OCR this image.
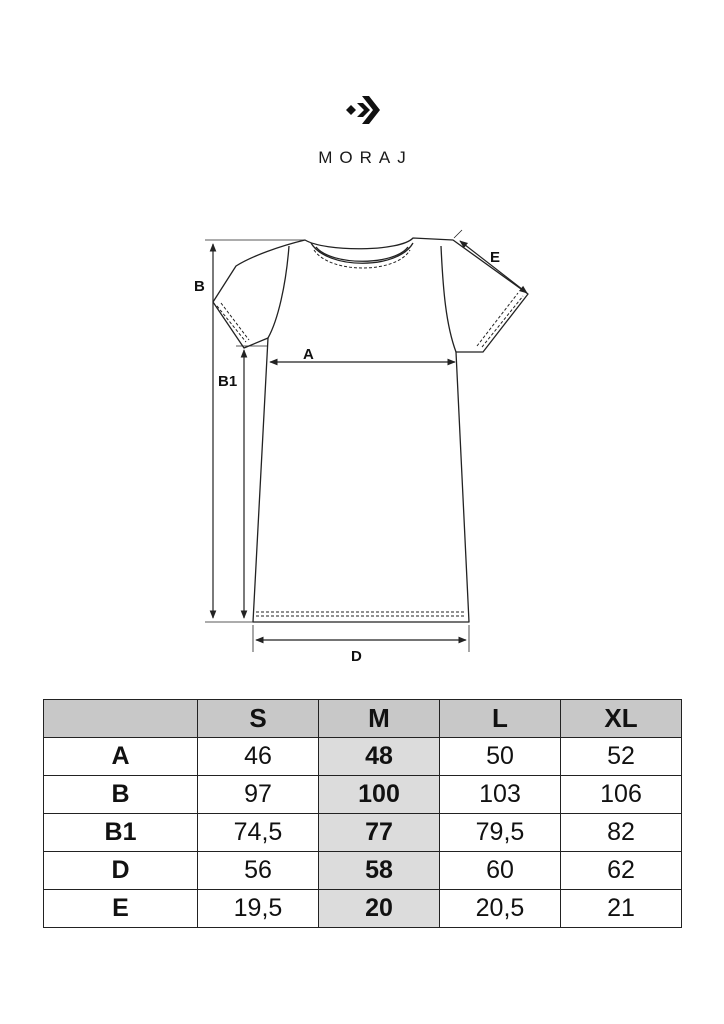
MORAJ
B
B1
A
D
E
	S	M	L	XL
A	46	48	50	52
B	97	100	103	106
B1	74,5	77	79,5	82
D	56	58	60	62
E	19,5	20	20,5	21
